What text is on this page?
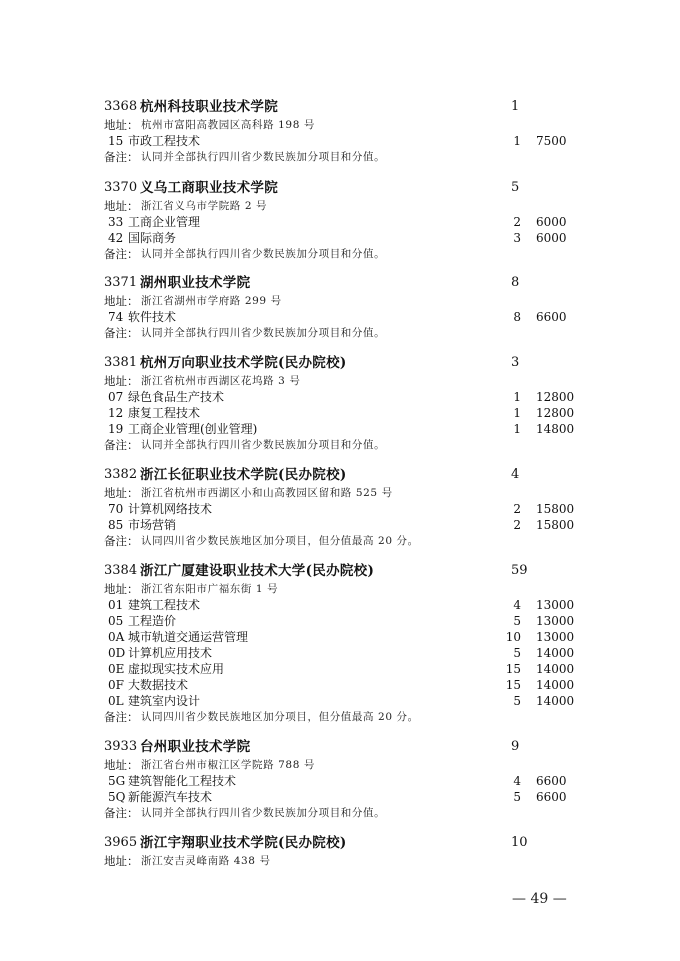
3368 杭州科技职业技术学院	1
地址： 杭州市富阳高教园区高科路 198 号
15 市政工程技术	1 7500
备注： 认同并全部执行四川省少数民族加分项目和分值。
3370 义乌工商职业技术学院	5
地址： 浙江省义乌市学院路 2 号
33 工商企业管理	2 6000
42 国际商务	3 6000
备注： 认同并全部执行四川省少数民族加分项目和分值。
3371 湖州职业技术学院	8
地址： 浙江省湖州市学府路 299 号
74 软件技术	8 6600
备注： 认同并全部执行四川省少数民族加分项目和分值。
3381 杭州万向职业技术学院(民办院校)	3
地址： 浙江省杭州市西湖区花坞路 3 号
07 绿色食品生产技术	1 12800
12 康复工程技术	1 12800
19 工商企业管理(创业管理)	1 14800
备注： 认同并全部执行四川省少数民族加分项目和分值。
3382 浙江长征职业技术学院(民办院校)	4
地址： 浙江省杭州市西湖区小和山高教园区留和路 525 号
70 计算机网络技术	2 15800
85 市场营销	2 15800
备注： 认同四川省少数民族地区加分项目，但分值最高 20 分。
3384 浙江广厦建设职业技术大学(民办院校)	59
地址： 浙江省东阳市广福东街 1 号
01 建筑工程技术	4 13000
05 工程造价	5 13000
0A 城市轨道交通运营管理	10 13000
0D 计算机应用技术	5 14000
0E 虚拟现实技术应用	15 14000
0F 大数据技术	15 14000
0L 建筑室内设计	5 14000
备注： 认同四川省少数民族地区加分项目，但分值最高 20 分。
3933 台州职业技术学院	9
地址： 浙江省台州市椒江区学院路 788 号
5G 建筑智能化工程技术	4 6600
5Q 新能源汽车技术	5 6600
备注： 认同并全部执行四川省少数民族加分项目和分值。
3965 浙江宇翔职业技术学院(民办院校)	10
地址： 浙江安吉灵峰南路 438 号
— 49 —
